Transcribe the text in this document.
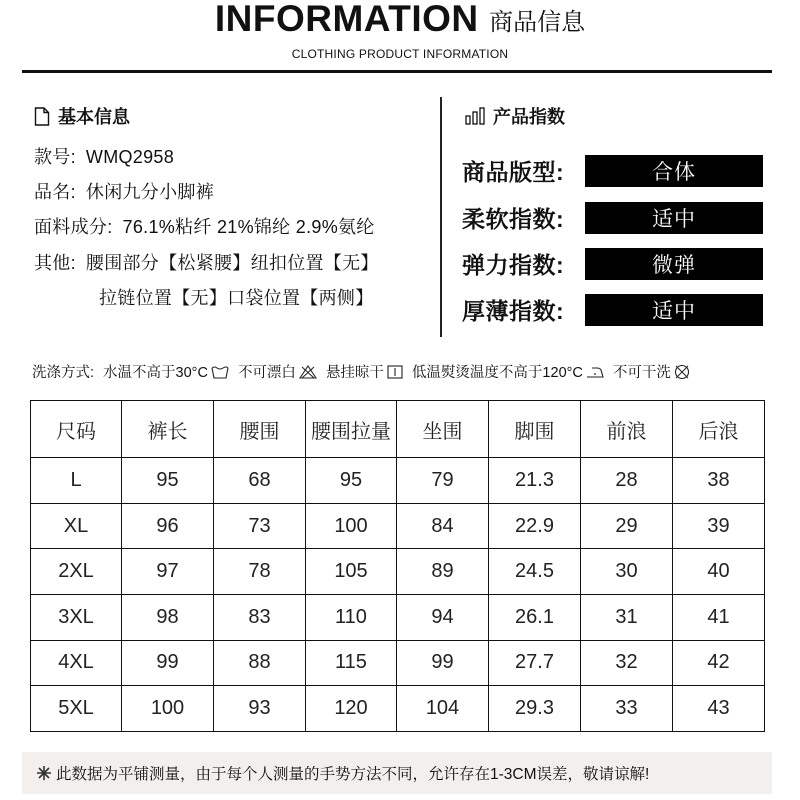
INFORMATION 商品信息
CLOTHING PRODUCT INFORMATION
基本信息
款号: WMQ2958
品名: 休闲九分小脚裤
面料成分: 76.1%粘纤 21%锦纶 2.9%氨纶
其他: 腰围部分【松紧腰】纽扣位置【无】
拉链位置【无】口袋位置【两侧】
产品指数
商品版型:	合体
柔软指数:	适中
弹力指数:	微弹
厚薄指数:	适中
洗涤方式: 水温不高于30°C 不可漂白 悬挂晾干 低温熨烫温度不高于120°C 不可干洗
尺码	裤长	腰围	腰围拉量	坐围	脚围	前浪	后浪
L	95	68	95	79	21.3	28	38
XL	96	73	100	84	22.9	29	39
2XL	97	78	105	89	24.5	30	40
3XL	98	83	110	94	26.1	31	41
4XL	99	88	115	99	27.7	32	42
5XL	100	93	120	104	29.3	33	43
此数据为平铺测量，由于每个人测量的手势方法不同，允许存在1-3CM误差，敬请谅解!
